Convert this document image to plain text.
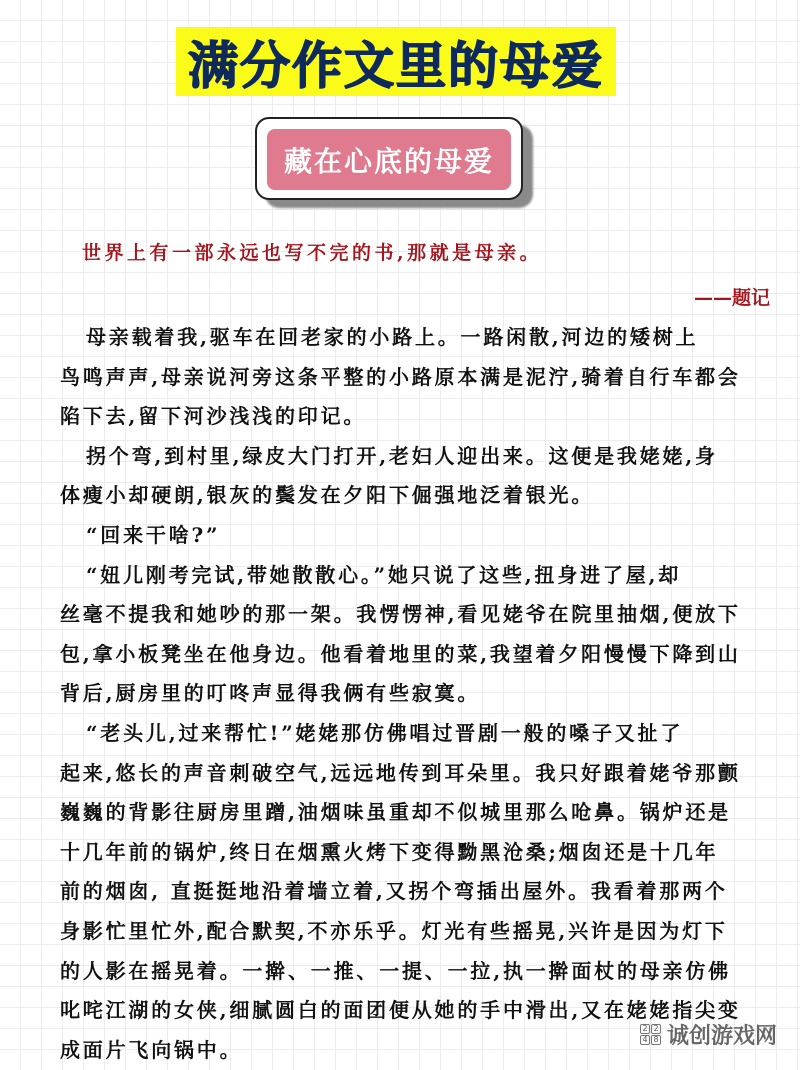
满分作文里的母爱
藏在心底的母爱
世界上有一部永远也写不完的书,那就是母亲。
——题记
母亲载着我,驱车在回老家的小路上。一路闲散,河边的矮树上
鸟鸣声声,母亲说河旁这条平整的小路原本满是泥泞,骑着自行车都会
陷下去,留下河沙浅浅的印记。
拐个弯,到村里,绿皮大门打开,老妇人迎出来。这便是我姥姥,身
体瘦小却硬朗,银灰的鬓发在夕阳下倔强地泛着银光。
“回来干啥?”
“妞儿刚考完试,带她散散心。”她只说了这些,扭身进了屋,却
丝毫不提我和她吵的那一架。我愣愣神,看见姥爷在院里抽烟,便放下
包,拿小板凳坐在他身边。他看着地里的菜,我望着夕阳慢慢下降到山
背后,厨房里的叮咚声显得我俩有些寂寞。
“老头儿,过来帮忙!”姥姥那仿佛唱过晋剧一般的嗓子又扯了
起来,悠长的声音刺破空气,远远地传到耳朵里。我只好跟着姥爷那颤
巍巍的背影往厨房里蹭,油烟味虽重却不似城里那么呛鼻。锅炉还是
十几年前的锅炉,终日在烟熏火烤下变得黝黑沧桑;烟囱还是十几年
前的烟囱, 直挺挺地沿着墙立着,又拐个弯插出屋外。我看着那两个
身影忙里忙外,配合默契,不亦乐乎。灯光有些摇晃,兴许是因为灯下
的人影在摇晃着。一擀、一推、一提、一拉,执一擀面杖的母亲仿佛
叱咤江湖的女侠,细腻圆白的面团便从她的手中滑出,又在姥姥指尖变
成面片飞向锅中。
2 2
4 8 诚创游戏网
